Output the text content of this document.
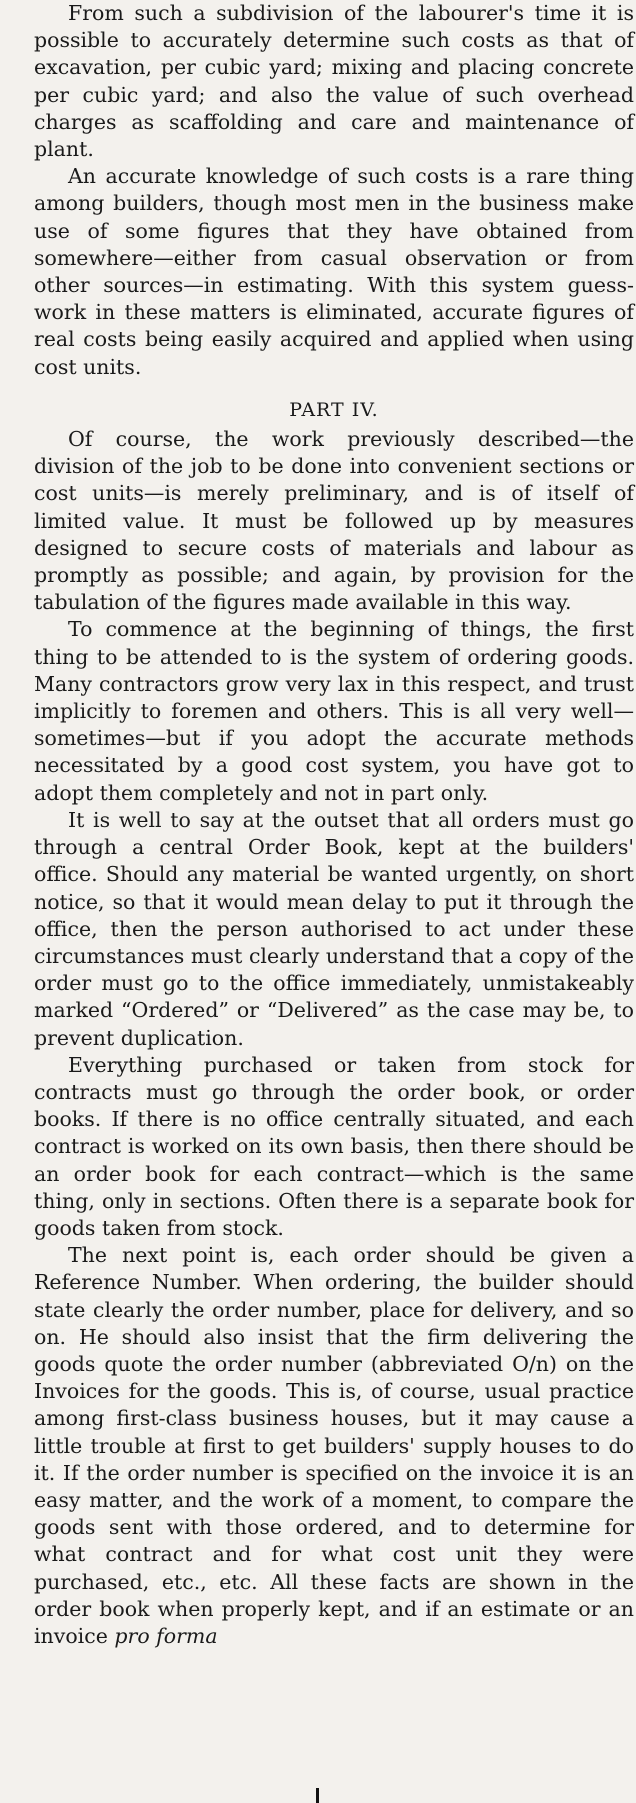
From such a subdivision of the labourer's time it is possible to accurately determine such costs as that of excavation, per cubic yard; mixing and placing concrete per cubic yard; and also the value of such overhead charges as scaffolding and care and maintenance of plant.

An accurate knowledge of such costs is a rare thing among builders, though most men in the business make use of some figures that they have obtained from somewhere—either from casual observation or from other sources—in estimating. With this system guess-work in these matters is eliminated, accurate figures of real costs being easily acquired and applied when using cost units.

PART IV.

Of course, the work previously described—the division of the job to be done into convenient sections or cost units—is merely preliminary, and is of itself of limited value. It must be followed up by measures designed to secure costs of materials and labour as promptly as possible; and again, by provision for the tabulation of the figures made available in this way.

To commence at the beginning of things, the first thing to be attended to is the system of ordering goods. Many contractors grow very lax in this respect, and trust implicitly to foremen and others. This is all very well—sometimes—but if you adopt the accurate methods necessitated by a good cost system, you have got to adopt them completely and not in part only.

It is well to say at the outset that all orders must go through a central Order Book, kept at the builders' office. Should any material be wanted urgently, on short notice, so that it would mean delay to put it through the office, then the person authorised to act under these circumstances must clearly understand that a copy of the order must go to the office immediately, unmistakeably marked “Ordered” or “Delivered” as the case may be, to prevent duplication.

Everything purchased or taken from stock for contracts must go through the order book, or order books. If there is no office centrally situated, and each contract is worked on its own basis, then there should be an order book for each contract—which is the same thing, only in sections. Often there is a separate book for goods taken from stock.

The next point is, each order should be given a Reference Number. When ordering, the builder should state clearly the order number, place for delivery, and so on. He should also insist that the firm delivering the goods quote the order number (abbreviated O/n) on the Invoices for the goods. This is, of course, usual practice among first-class business houses, but it may cause a little trouble at first to get builders' supply houses to do it. If the order number is specified on the invoice it is an easy matter, and the work of a moment, to compare the goods sent with those ordered, and to determine for what contract and for what cost unit they were purchased, etc., etc. All these facts are shown in the order book when properly kept, and if an estimate or an invoice pro forma
